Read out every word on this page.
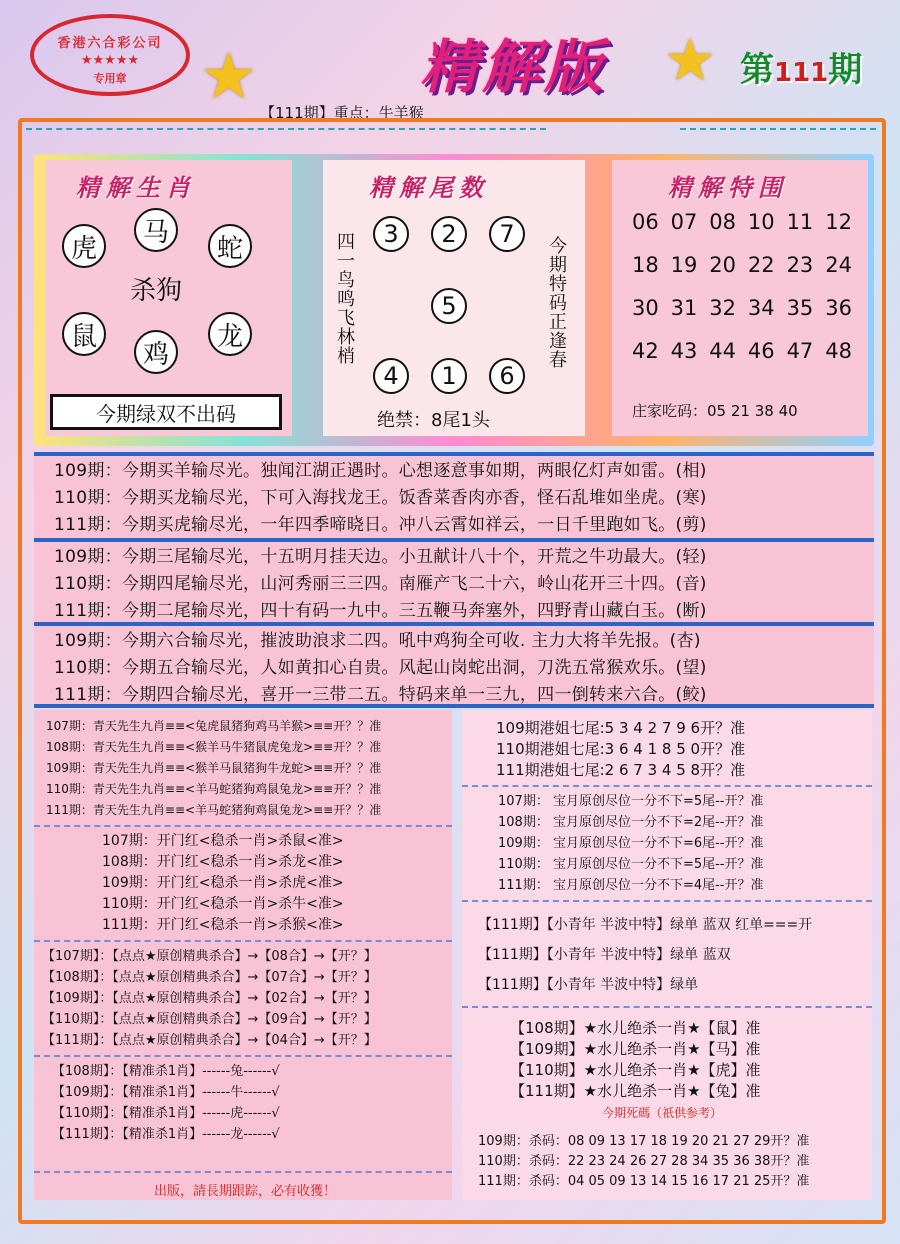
香港六合彩公司
★★★★★
专用章	★	★
精解版	第111期
【111期】重点：牛羊猴
精解生肖
虎
马
蛇
鼠
鸡
龙
杀狗
今期绿双不出码
精解尾数
四一鸟鸣飞林梢	今期特码正逢春
3	2	7
5
4	1	6
绝禁：8尾1头
精解特围
06 07 08 10 11 12
18 19 20 22 23 24
30 31 32 34 35 36
42 43 44 46 47 48
庄家吃码：05 21 38 40
109期：今期买羊输尽光。独闻江湖正遇时。心想逐意事如期，两眼亿灯声如雷。(相)
110期：今期买龙输尽光，下可入海找龙王。饭香菜香肉亦香，怪石乱堆如坐虎。(寒)
111期：今期买虎输尽光，一年四季啼晓日。冲八云霄如祥云，一日千里跑如飞。(剪)
109期：今期三尾输尽光，十五明月挂天边。小丑献计八十个，开荒之牛功最大。(轻)
110期：今期四尾输尽光，山河秀丽三三四。南雁产飞二十六，岭山花开三十四。(音)
111期：今期二尾输尽光，四十有码一九中。三五鞭马奔塞外，四野青山藏白玉。(断)
109期：今期六合输尽光，摧波助浪求二四。吼中鸡狗全可收. 主力大将羊先报。(杏)
110期：今期五合输尽光，人如黄扣心自贵。风起山岗蛇出洞，刀洗五常猴欢乐。(望)
111期：今期四合输尽光，喜开一三带二五。特码来单一三九，四一倒转来六合。(鲛)
107期：青天先生九肖≡≡<兔虎鼠猪狗鸡马羊猴>≡≡开？？准
108期：青天先生九肖≡≡<猴羊马牛猪鼠虎兔龙>≡≡开？？准
109期：青天先生九肖≡≡<猴羊马鼠猪狗牛龙蛇>≡≡开？？准
110期：青天先生九肖≡≡<羊马蛇猪狗鸡鼠兔龙>≡≡开？？准
111期：青天先生九肖≡≡<羊马蛇猪狗鸡鼠兔龙>≡≡开？？准
107期：开门红<稳杀一肖>杀鼠<准>
108期：开门红<稳杀一肖>杀龙<准>
109期：开门红<稳杀一肖>杀虎<准>
110期：开门红<稳杀一肖>杀牛<准>
111期：开门红<稳杀一肖>杀猴<准>
【107期】：【点点★原创精典杀合】→【08合】→【开？】
【108期】：【点点★原创精典杀合】→【07合】→【开？】
【109期】：【点点★原创精典杀合】→【02合】→【开？】
【110期】：【点点★原创精典杀合】→【09合】→【开？】
【111期】：【点点★原创精典杀合】→【04合】→【开？】
【108期】：【精准杀1肖】------兔------√
【109期】：【精准杀1肖】------牛------√
【110期】：【精准杀1肖】------虎------√
【111期】：【精准杀1肖】------龙------√
出版，請長期跟踪，必有收獲！
109期港姐七尾:5 3 4 2 7 9 6开？准
110期港姐七尾:3 6 4 1 8 5 0开？准
111期港姐七尾:2 6 7 3 4 5 8开？准
107期： 宝月原创尽位一分不下=5尾--开？准
108期： 宝月原创尽位一分不下=2尾--开？准
109期： 宝月原创尽位一分不下=6尾--开？准
110期： 宝月原创尽位一分不下=5尾--开？准
111期： 宝月原创尽位一分不下=4尾--开？准
【111期】【小青年 半波中特】绿单 蓝双 红单===开
【111期】【小青年 半波中特】绿单 蓝双
【111期】【小青年 半波中特】绿单
【108期】★水儿绝杀一肖★【鼠】准
【109期】★水儿绝杀一肖★【马】准
【110期】★水儿绝杀一肖★【虎】准
【111期】★水儿绝杀一肖★【兔】准
今期死碼（祇供参考）
109期：杀码：08 09 13 17 18 19 20 21 27 29开？准
110期：杀码：22 23 24 26 27 28 34 35 36 38开？准
111期：杀码：04 05 09 13 14 15 16 17 21 25开？准
